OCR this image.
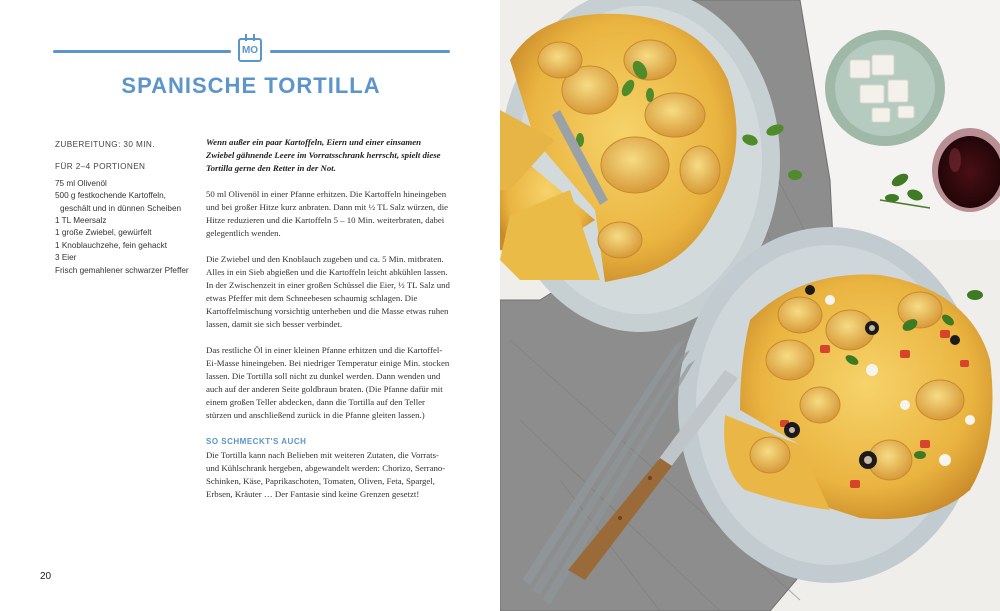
MO
SPANISCHE TORTILLA
ZUBEREITUNG: 30 MIN.
FÜR 2–4 PORTIONEN
75 ml Olivenöl
500 g festkochende Kartoffeln,
geschält und in dünnen Scheiben
1 TL Meersalz
1 große Zwiebel, gewürfelt
1 Knoblauchzehe, fein gehackt
3 Eier
Frisch gemahlener schwarzer Pfeffer

Wenn außer ein paar Kartoffeln, Eiern und einer einsamen Zwiebel gähnende Leere im Vorratsschrank herrscht, spielt diese Tortilla gerne den Retter in der Not.

50 ml Olivenöl in einer Pfanne erhitzen. Die Kartoffeln hineingeben und bei großer Hitze kurz anbraten. Dann mit ½ TL Salz würzen, die Hitze reduzieren und die Kartoffeln 5 – 10 Min. weiterbraten, dabei gelegentlich wenden.

Die Zwiebel und den Knoblauch zugeben und ca. 5 Min. mitbraten. Alles in ein Sieb abgießen und die Kartoffeln leicht abkühlen lassen. In der Zwischenzeit in einer großen Schüssel die Eier, ½ TL Salz und etwas Pfeffer mit dem Schneebesen schaumig schlagen. Die Kartoffelmischung vorsichtig unterheben und die Masse etwas ruhen lassen, damit sie sich besser verbindet.

Das restliche Öl in einer kleinen Pfanne erhitzen und die Kartoffel-Ei-Masse hineingeben. Bei niedriger Temperatur einige Min. stocken lassen. Die Tortilla soll nicht zu dunkel werden. Dann wenden und auch auf der anderen Seite goldbraun braten. (Die Pfanne dafür mit einem großen Teller abdecken, dann die Tortilla auf den Teller stürzen und anschließend zurück in die Pfanne gleiten lassen.)

SO SCHMECKT'S AUCH

Die Tortilla kann nach Belieben mit weiteren Zutaten, die Vorrats- und Kühlschrank hergeben, abgewandelt werden: Chorizo, Serrano-Schinken, Käse, Paprikaschoten, Tomaten, Oliven, Feta, Spargel, Erbsen, Kräuter … Der Fantasie sind keine Grenzen gesetzt!

20
